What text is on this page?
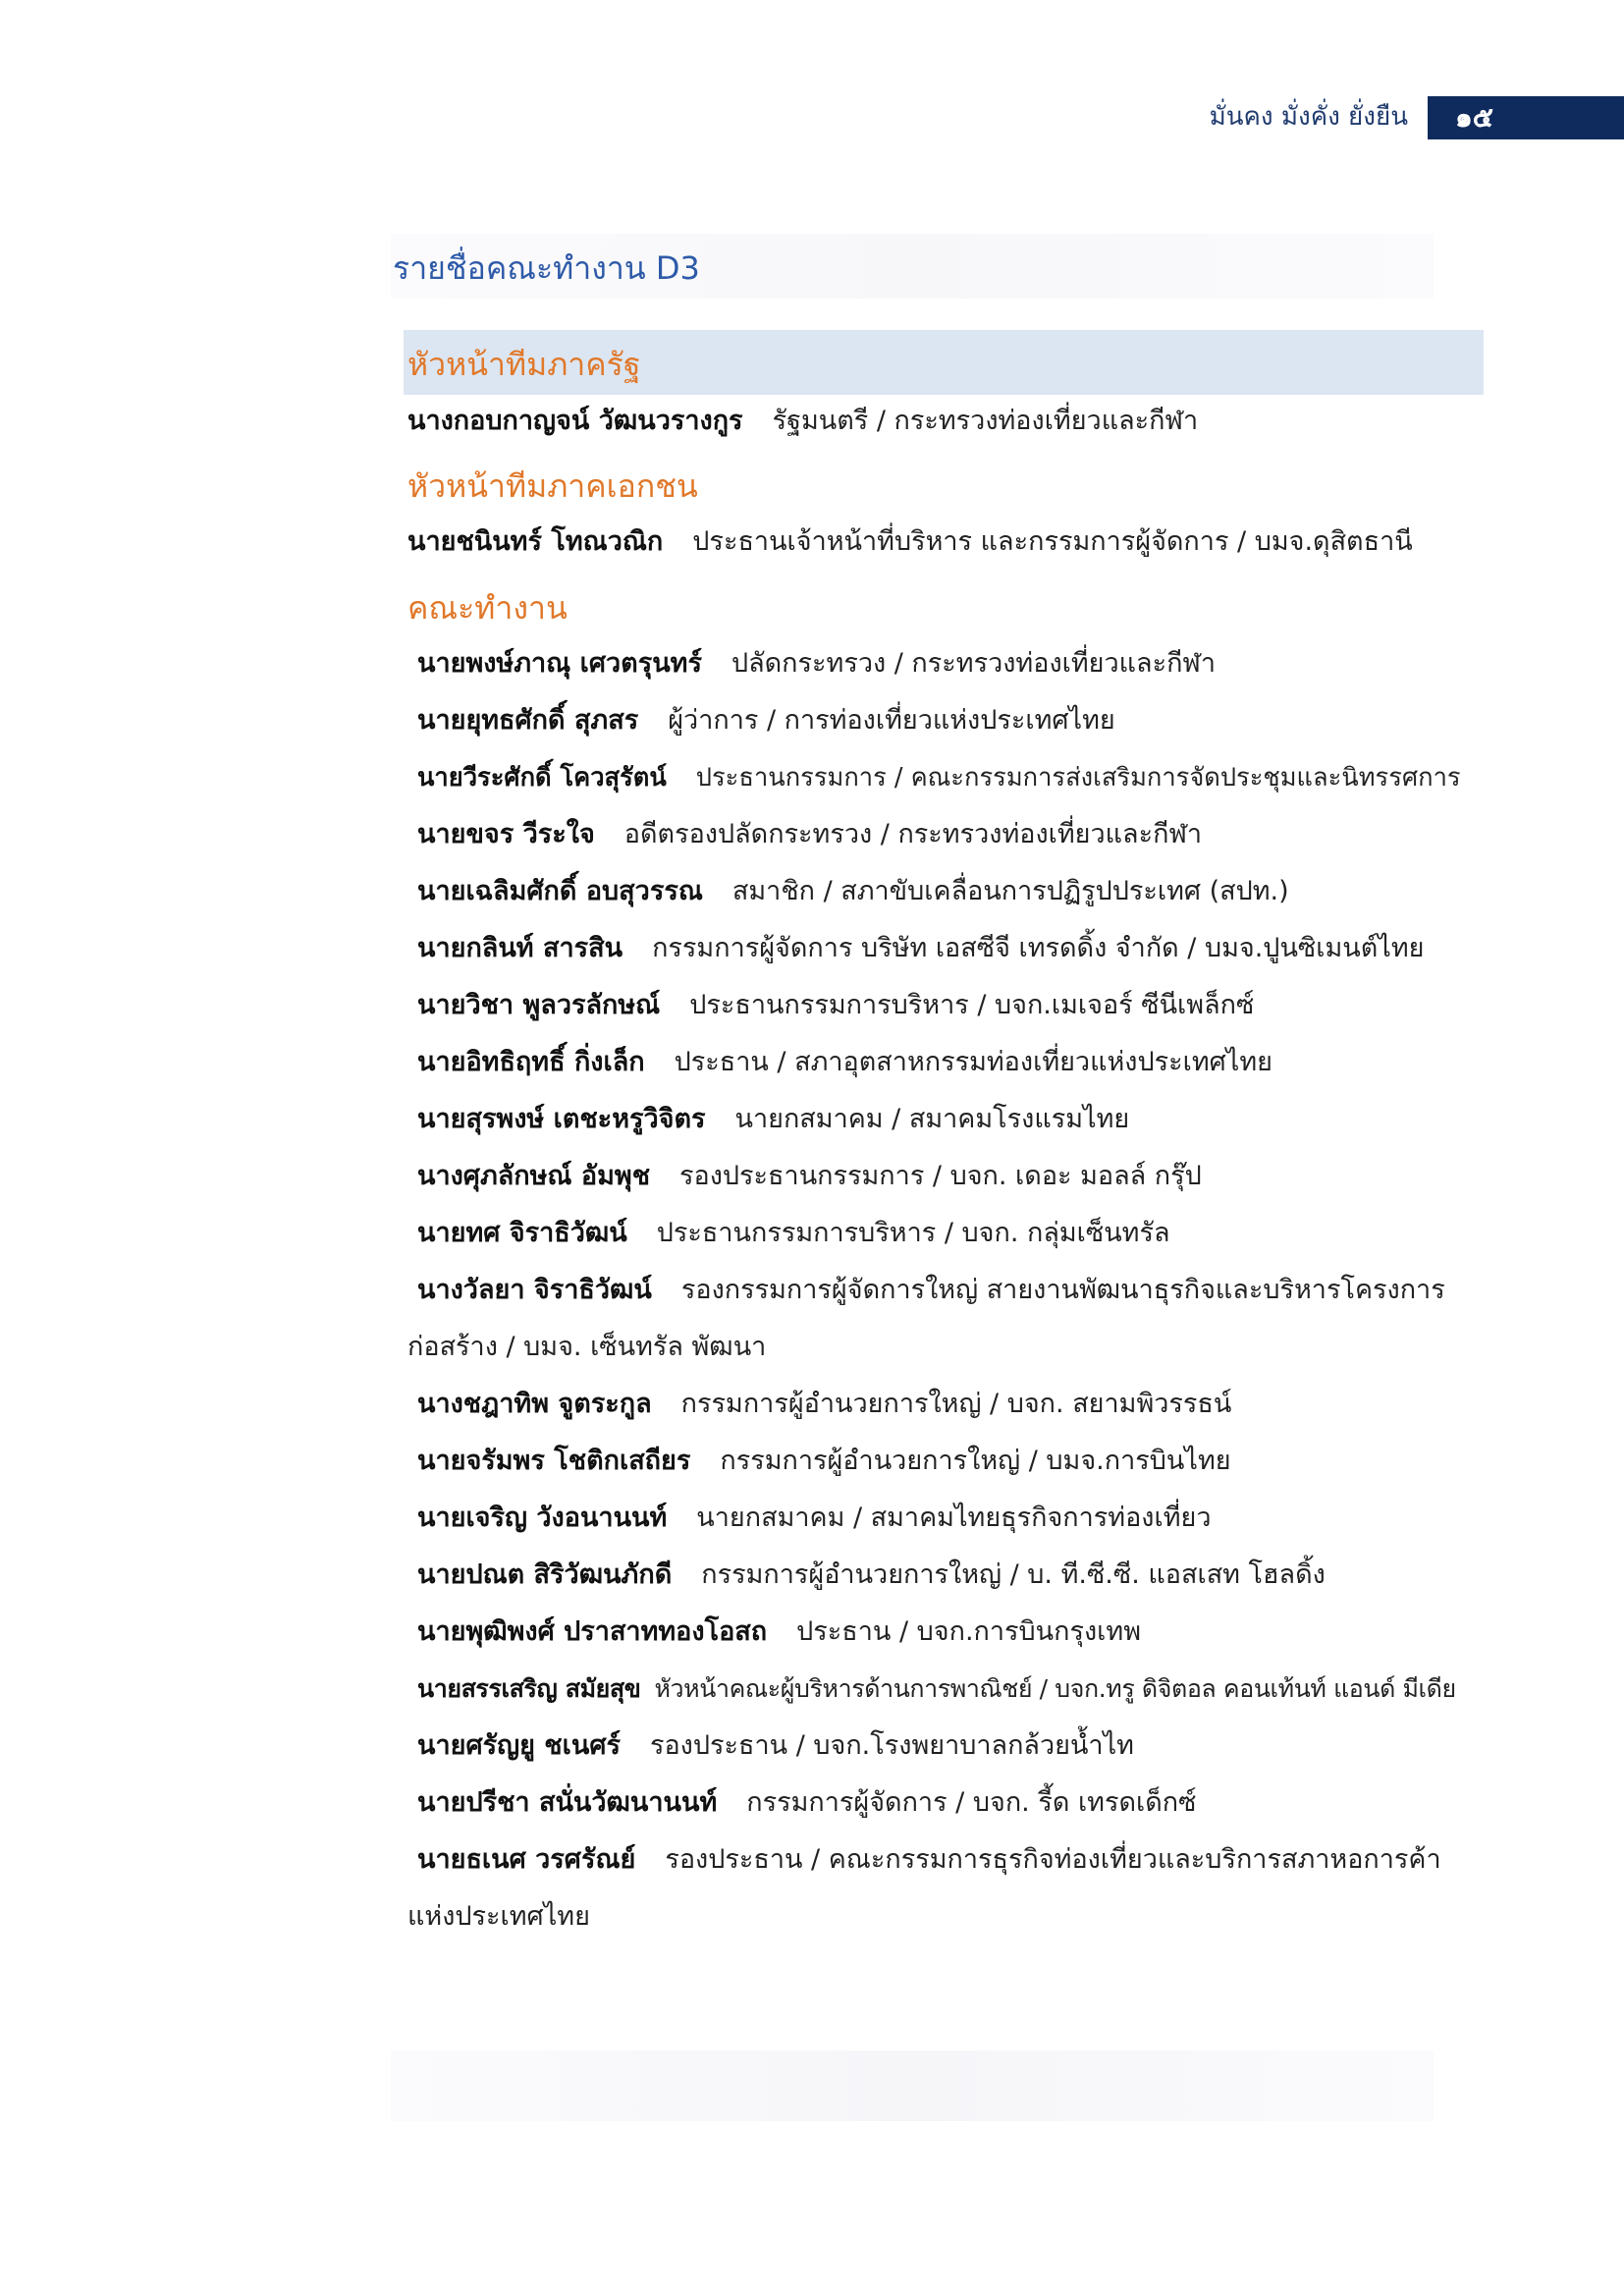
มั่นคง มั่งคั่ง ยั่งยืน ๑๕
รายชื่อคณะทำงาน D3
หัวหน้าทีมภาครัฐ
นางกอบกาญจน์ วัฒนวรางกูร รัฐมนตรี / กระทรวงท่องเที่ยวและกีฬา
หัวหน้าทีมภาคเอกชน
นายชนินทร์ โทณวณิก ประธานเจ้าหน้าที่บริหาร และกรรมการผู้จัดการ / บมจ.ดุสิตธานี
คณะทำงาน
นายพงษ์ภาณุ เศวตรุนทร์ ปลัดกระทรวง / กระทรวงท่องเที่ยวและกีฬา
นายยุทธศักดิ์ สุภสร ผู้ว่าการ / การท่องเที่ยวแห่งประเทศไทย
นายวีระศักดิ์ โควสุรัตน์ ประธานกรรมการ / คณะกรรมการส่งเสริมการจัดประชุมและนิทรรศการ
นายขจร วีระใจ อดีตรองปลัดกระทรวง / กระทรวงท่องเที่ยวและกีฬา
นายเฉลิมศักดิ์ อบสุวรรณ สมาชิก / สภาขับเคลื่อนการปฏิรูปประเทศ (สปท.)
นายกลินท์ สารสิน กรรมการผู้จัดการ บริษัท เอสซีจี เทรดดิ้ง จำกัด / บมจ.ปูนซิเมนต์ไทย
นายวิชา พูลวรลักษณ์ ประธานกรรมการบริหาร / บจก.เมเจอร์ ซีนีเพล็กซ์
นายอิทธิฤทธิ์ กิ่งเล็ก ประธาน / สภาอุตสาหกรรมท่องเที่ยวแห่งประเทศไทย
นายสุรพงษ์ เตชะหรูวิจิตร นายกสมาคม / สมาคมโรงแรมไทย
นางศุภลักษณ์ อัมพุช รองประธานกรรมการ / บจก. เดอะ มอลล์ กรุ๊ป
นายทศ จิราธิวัฒน์ ประธานกรรมการบริหาร / บจก. กลุ่มเซ็นทรัล
นางวัลยา จิราธิวัฒน์ รองกรรมการผู้จัดการใหญ่ สายงานพัฒนาธุรกิจและบริหารโครงการ
ก่อสร้าง / บมจ. เซ็นทรัล พัฒนา
นางชฎาทิพ จูตระกูล กรรมการผู้อำนวยการใหญ่ / บจก. สยามพิวรรธน์
นายจรัมพร โชติกเสถียร กรรมการผู้อำนวยการใหญ่ / บมจ.การบินไทย
นายเจริญ วังอนานนท์ นายกสมาคม / สมาคมไทยธุรกิจการท่องเที่ยว
นายปณต สิริวัฒนภักดี กรรมการผู้อำนวยการใหญ่ / บ. ที.ซี.ซี. แอสเสท โฮลดิ้ง
นายพุฒิพงศ์ ปราสาททองโอสถ ประธาน / บจก.การบินกรุงเทพ
นายสรรเสริญ สมัยสุข หัวหน้าคณะผู้บริหารด้านการพาณิชย์ / บจก.ทรู ดิจิตอล คอนเท้นท์ แอนด์ มีเดีย
นายศรัญยู ชเนศร์ รองประธาน / บจก.โรงพยาบาลกล้วยน้ำไท
นายปรีชา สนั่นวัฒนานนท์ กรรมการผู้จัดการ / บจก. รี้ด เทรดเด็กซ์
นายธเนศ วรศรัณย์ รองประธาน / คณะกรรมการธุรกิจท่องเที่ยวและบริการสภาหอการค้า
แห่งประเทศไทย
